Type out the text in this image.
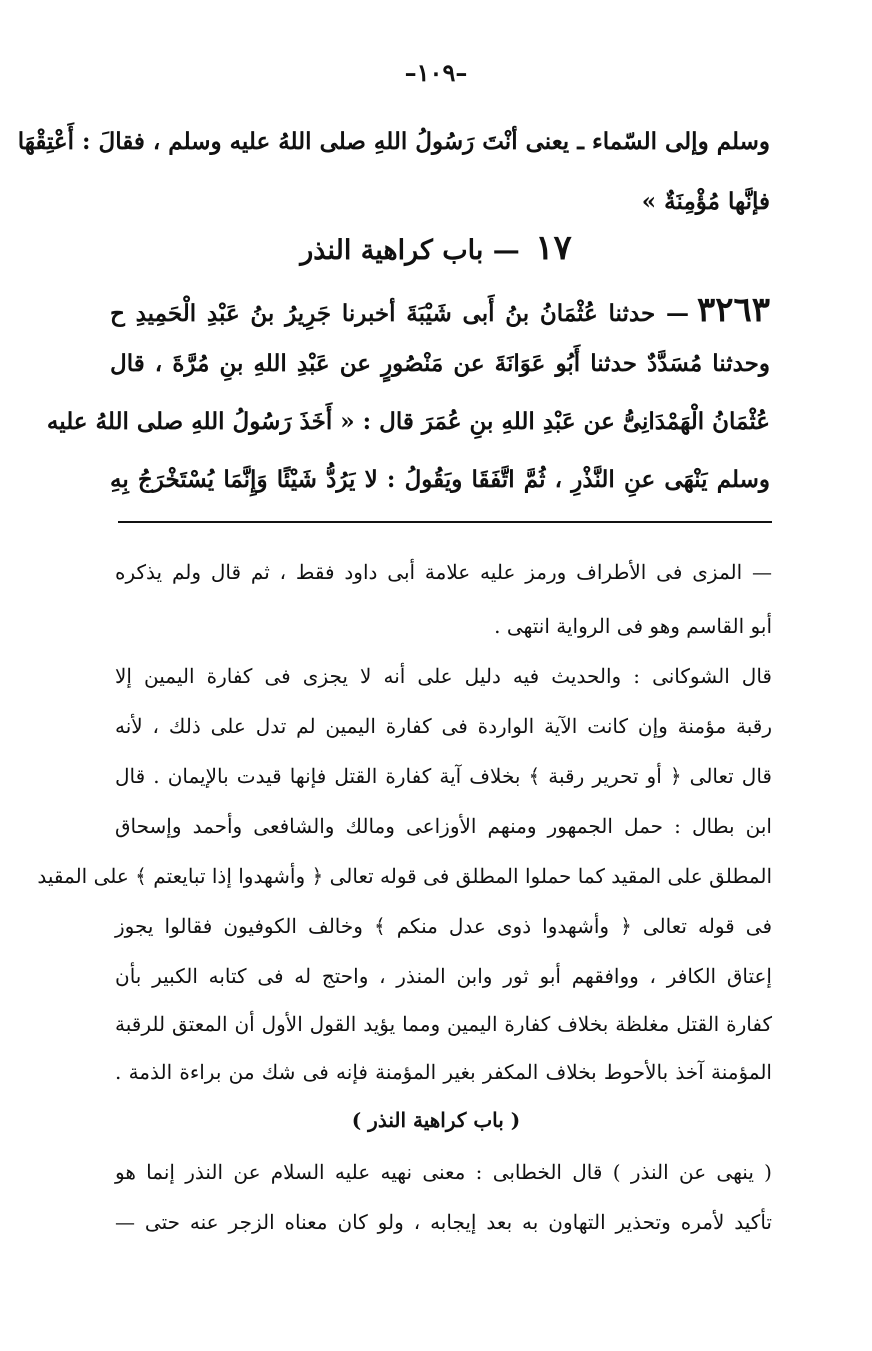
–١٠٩–
وسلم وإلى السّماء ـ يعنى أنْتَ رَسُولُ اللهِ صلى اللهُ عليه وسلم ، فقالَ : أَعْتِقْهَا
فإنَّها مُؤْمِنَةٌ »
١٧ — باب كراهية النذر
٣٢٦٣— حدثنا عُثْمَانُ بنُ أَبى شَيْبَةَ أخبرنا جَرِيرُ بنُ عَبْدِ الْحَمِيدِ ح
وحدثنا مُسَدَّدٌ حدثنا أَبُو عَوَانَةَ عن مَنْصُورٍ عن عَبْدِ اللهِ بنِ مُرَّةَ ، قال
عُثْمَانُ الْهَمْدَانِىُّ عن عَبْدِ اللهِ بنِ عُمَرَ قال : « أَخَذَ رَسُولُ اللهِ صلى اللهُ عليه
وسلم يَنْهَى عنِ النَّذْرِ ، ثُمَّ اتَّفَقَا ويَقُولُ : لا يَرُدُّ شَيْئًا وَإِنَّمَا يُسْتَخْرَجُ بِهِ
— المزى فى الأطراف ورمز عليه علامة أبى داود فقط ، ثم قال ولم يذكره
أبو القاسم وهو فى الرواية انتهى .
قال الشوكانى : والحديث فيه دليل على أنه لا يجزى فى كفارة اليمين إلا
رقبة مؤمنة وإن كانت الآية الواردة فى كفارة اليمين لم تدل على ذلك ، لأنه
قال تعالى ﴿ أو تحرير رقبة ﴾ بخلاف آية كفارة القتل فإنها قيدت بالإيمان . قال
ابن بطال : حمل الجمهور ومنهم الأوزاعى ومالك والشافعى وأحمد وإسحاق
المطلق على المقيد كما حملوا المطلق فى قوله تعالى ﴿ وأشهدوا إذا تبايعتم ﴾ على المقيد
فى قوله تعالى ﴿ وأشهدوا ذوى عدل منكم ﴾ وخالف الكوفيون فقالوا يجوز
إعتاق الكافر ، ووافقهم أبو ثور وابن المنذر ، واحتج له فى كتابه الكبير بأن
كفارة القتل مغلظة بخلاف كفارة اليمين ومما يؤيد القول الأول أن المعتق للرقبة
المؤمنة آخذ بالأحوط بخلاف المكفر بغير المؤمنة فإنه فى شك من براءة الذمة .
( باب كراهية النذر )
( ينهى عن النذر ) قال الخطابى : معنى نهيه عليه السلام عن النذر إنما هو
تأكيد لأمره وتحذير التهاون به بعد إيجابه ، ولو كان معناه الزجر عنه حتى —
